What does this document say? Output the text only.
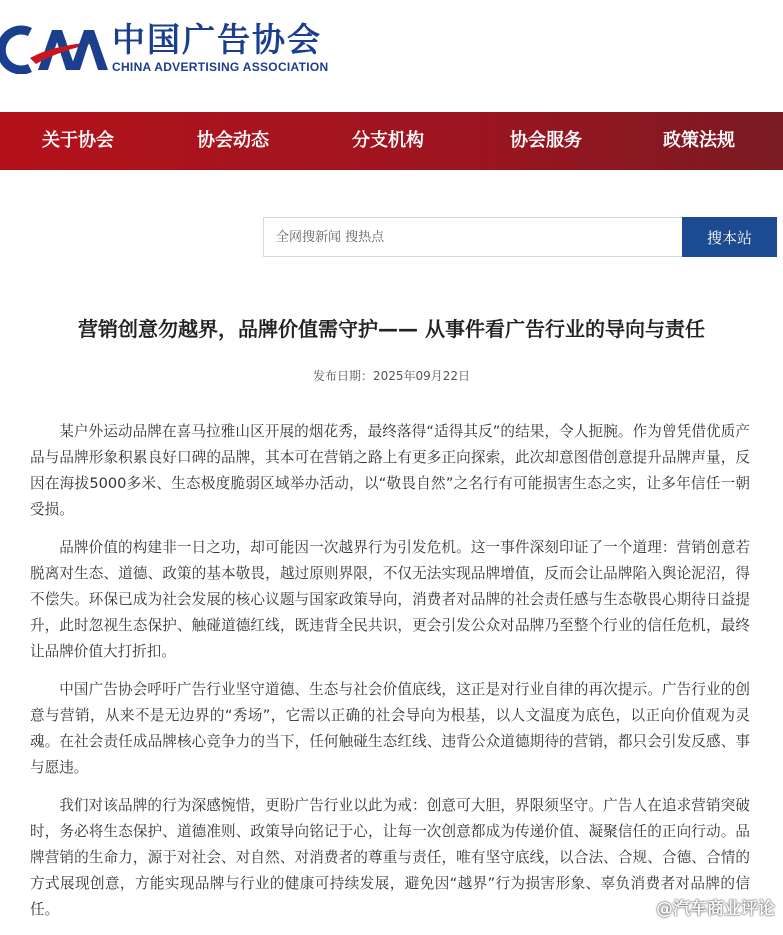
中国广告协会
CHINA ADVERTISING ASSOCIATION
关于协会	协会动态	分支机构	协会服务	政策法规
全网搜新闻 搜热点
搜本站
营销创意勿越界，品牌价值需守护—— 从事件看广告行业的导向与责任
发布日期：2025年09月22日

某户外运动品牌在喜马拉雅山区开展的烟花秀，最终落得“适得其反”的结果，令人扼腕。作为曾凭借优质产品与品牌形象积累良好口碑的品牌，其本可在营销之路上有更多正向探索，此次却意图借创意提升品牌声量，反因在海拔5000多米、生态极度脆弱区域举办活动，以“敬畏自然”之名行有可能损害生态之实，让多年信任一朝受损。

品牌价值的构建非一日之功，却可能因一次越界行为引发危机。这一事件深刻印证了一个道理：营销创意若脱离对生态、道德、政策的基本敬畏，越过原则界限，不仅无法实现品牌增值，反而会让品牌陷入舆论泥沼，得不偿失。环保已成为社会发展的核心议题与国家政策导向，消费者对品牌的社会责任感与生态敬畏心期待日益提升，此时忽视生态保护、触碰道德红线，既违背全民共识，更会引发公众对品牌乃至整个行业的信任危机，最终让品牌价值大打折扣。

中国广告协会呼吁广告行业坚守道德、生态与社会价值底线，这正是对行业自律的再次提示。广告行业的创意与营销，从来不是无边界的“秀场”，它需以正确的社会导向为根基，以人文温度为底色，以正向价值观为灵魂。在社会责任成品牌核心竞争力的当下，任何触碰生态红线、违背公众道德期待的营销，都只会引发反感、事与愿违。

我们对该品牌的行为深感惋惜，更盼广告行业以此为戒：创意可大胆，界限须坚守。广告人在追求营销突破时，务必将生态保护、道德准则、政策导向铭记于心，让每一次创意都成为传递价值、凝聚信任的正向行动。品牌营销的生命力，源于对社会、对自然、对消费者的尊重与责任，唯有坚守底线，以合法、合规、合德、合情的方式展现创意，方能实现品牌与行业的健康可持续发展，避免因“越界”行为损害形象、辜负消费者对品牌的信任。	@汽车商业评论
